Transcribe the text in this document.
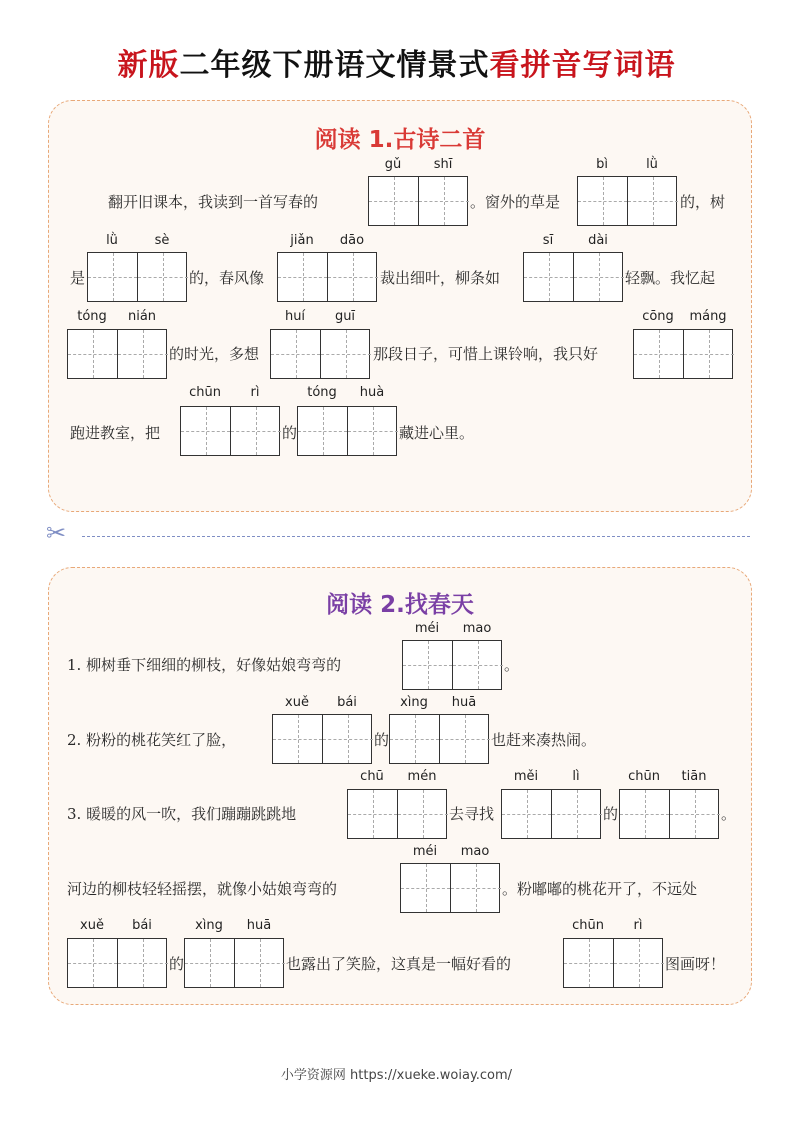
新版二年级下册语文情景式看拼音写词语
阅读 1.古诗二首
gǔ	shī	bì	lǜ
翻开旧课本，我读到一首写春的	。窗外的草是	的，树
lǜ	sè	jiǎn	dāo	sī	dài
是	的，春风像	裁出细叶，柳条如	轻飘。我忆起
tóng	nián	huí	guī	cōng	máng
的时光，多想	那段日子，可惜上课铃响，我只好
chūn	rì	tóng	huà
跑进教室，把	的	藏进心里。
✂
阅读 2.找春天
méi	mao
1. 柳树垂下细细的柳枝，好像姑娘弯弯的	。
xuě	bái	xìng	huā
2. 粉粉的桃花笑红了脸，	的	也赶来凑热闹。
chū	mén	měi	lì	chūn	tiān
3. 暖暖的风一吹，我们蹦蹦跳跳地	去寻找	的	。
méi	mao
河边的柳枝轻轻摇摆，就像小姑娘弯弯的	。粉嘟嘟的桃花开了，不远处
xuě	bái	xìng	huā	chūn	rì
的	也露出了笑脸，这真是一幅好看的	图画呀！
小学资源网 https://xueke.woiay.com/
